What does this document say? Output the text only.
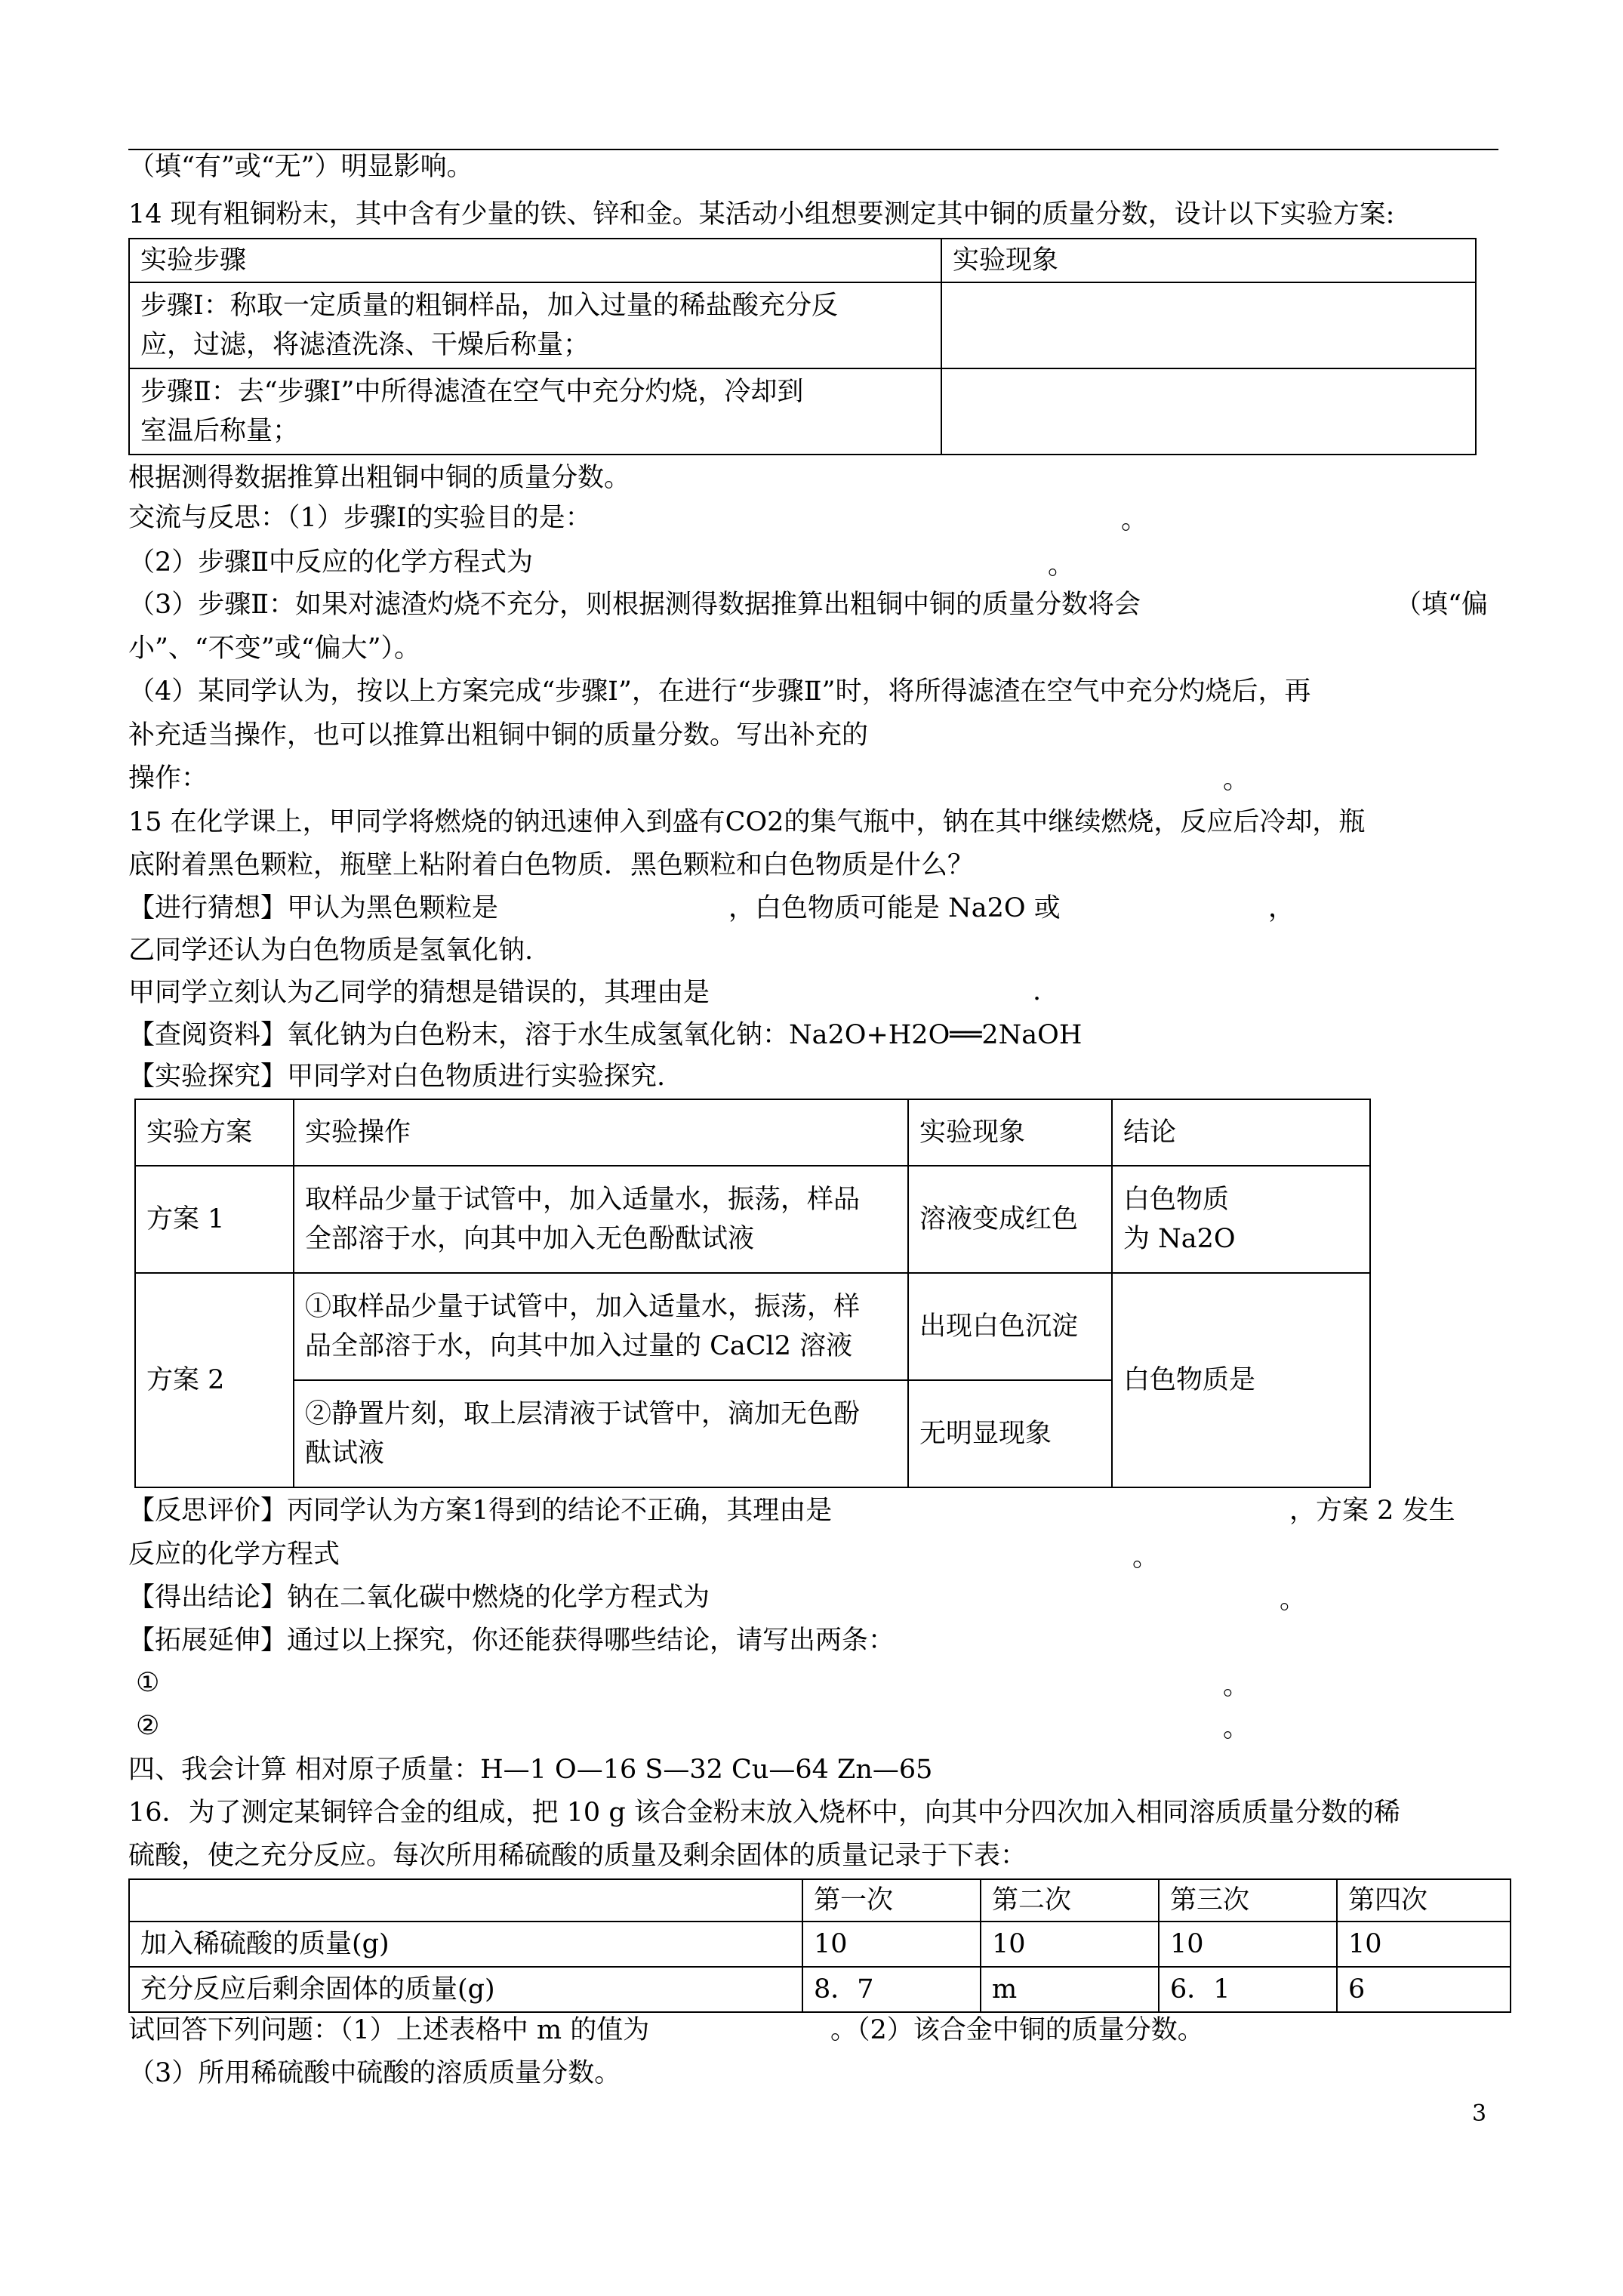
（填“有”或“无”）明显影响。
14 现有粗铜粉末，其中含有少量的铁、锌和金。某活动小组想要测定其中铜的质量分数，设计以下实验方案:
实验步骤	实验现象
步骤Ⅰ：称取一定质量的粗铜样品，加入过量的稀盐酸充分反
应，过滤，将滤渣洗涤、干燥后称量；	
步骤Ⅱ：去“步骤Ⅰ”中所得滤渣在空气中充分灼烧，冷却到
室温后称量；	
根据测得数据推算出粗铜中铜的质量分数。
交流与反思：（1）步骤Ⅰ的实验目的是：	。
（2）步骤Ⅱ中反应的化学方程式为	。
（3）步骤Ⅱ：如果对滤渣灼烧不充分，则根据测得数据推算出粗铜中铜的质量分数将会	（填“偏
小”、“不变”或“偏大”）。
（4）某同学认为，按以上方案完成“步骤Ⅰ”，在进行“步骤Ⅱ”时，将所得滤渣在空气中充分灼烧后，再
补充适当操作，也可以推算出粗铜中铜的质量分数。写出补充的
操作：	。
15 在化学课上，甲同学将燃烧的钠迅速伸入到盛有CO2的集气瓶中，钠在其中继续燃烧，反应后冷却，瓶
底附着黑色颗粒，瓶壁上粘附着白色物质．黑色颗粒和白色物质是什么？
【进行猜想】甲认为黑色颗粒是	，白色物质可能是 Na2O 或	，
乙同学还认为白色物质是氢氧化钠.
甲同学立刻认为乙同学的猜想是错误的，其理由是	.
【查阅资料】氧化钠为白色粉末，溶于水生成氢氧化钠：Na2O+H2O══2NaOH
【实验探究】甲同学对白色物质进行实验探究.
实验方案	实验操作	实验现象	结论
方案 1	取样品少量于试管中，加入适量水，振荡，样品
全部溶于水，向其中加入无色酚酞试液	溶液变成红色	白色物质
为 Na2O
方案 2	①取样品少量于试管中，加入适量水，振荡，样
品全部溶于水，向其中加入过量的 CaCl2 溶液	出现白色沉淀	白色物质是
	②静置片刻，取上层清液于试管中，滴加无色酚
酞试液	无明显现象	
【反思评价】丙同学认为方案1得到的结论不正确，其理由是	，方案 2 发生
反应的化学方程式	。
【得出结论】钠在二氧化碳中燃烧的化学方程式为	。
【拓展延伸】通过以上探究，你还能获得哪些结论，请写出两条：
①	。
②	。
四、我会计算 相对原子质量：H—1 O—16 S—32 Cu—64 Zn—65
16．为了测定某铜锌合金的组成，把 10 g 该合金粉末放入烧杯中，向其中分四次加入相同溶质质量分数的稀
硫酸，使之充分反应。每次所用稀硫酸的质量及剩余固体的质量记录于下表：
	第一次	第二次	第三次	第四次
加入稀硫酸的质量(g)	10	10	10	10
充分反应后剩余固体的质量(g)	8．7	m	6．1	6
试回答下列问题：（1）上述表格中 m 的值为	。（2）该合金中铜的质量分数。
（3）所用稀硫酸中硫酸的溶质质量分数。
3
